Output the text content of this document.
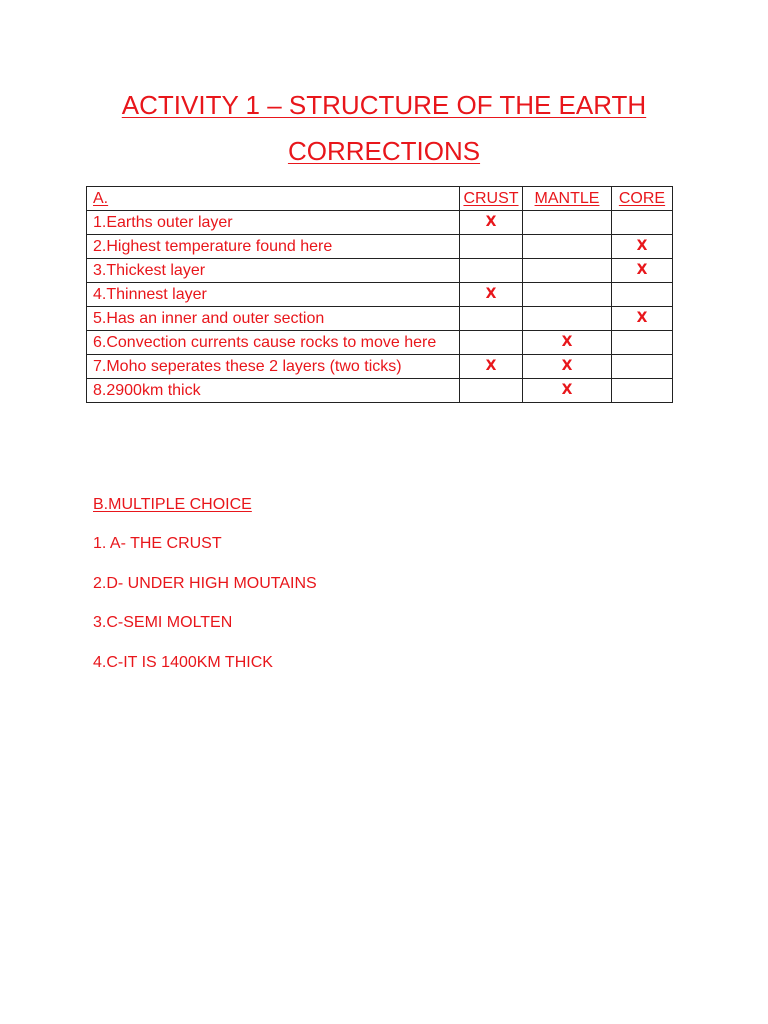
ACTIVITY 1 – STRUCTURE OF THE EARTH
CORRECTIONS
A.	CRUST	MANTLE	CORE
1.Earths outer layer	X		
2.Highest temperature found here			X
3.Thickest layer			X
4.Thinnest layer	X		
5.Has an inner and outer section			X
6.Convection currents cause rocks to move here		X	
7.Moho seperates these 2 layers (two ticks)	X	X	
8.2900km thick		X	
B.MULTIPLE CHOICE
1. A- THE CRUST
2.D- UNDER HIGH MOUTAINS
3.C-SEMI MOLTEN
4.C-IT IS 1400KM THICK
